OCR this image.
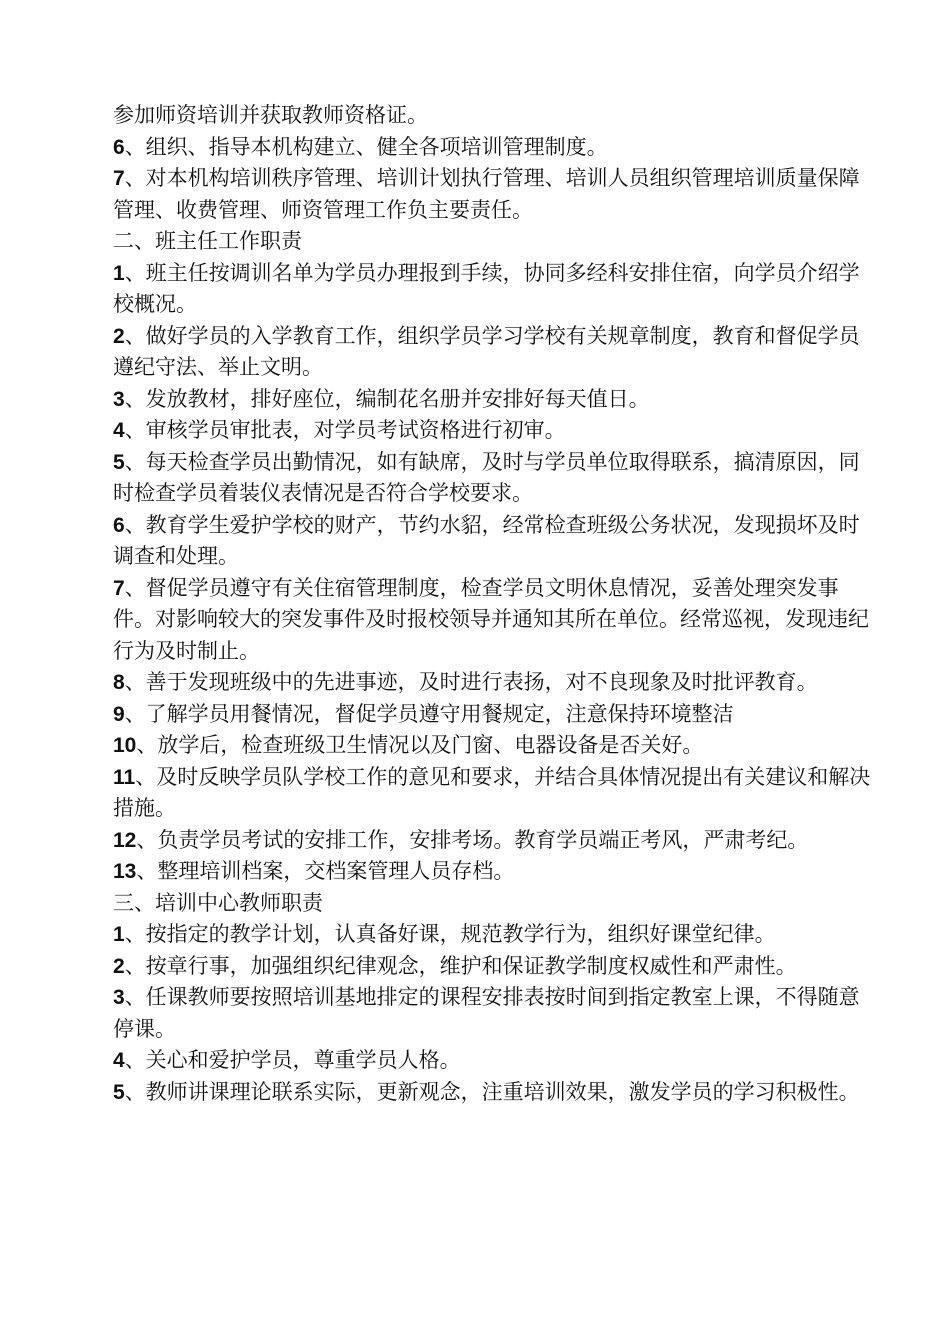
参加师资培训并获取教师资格证。

6、组织、指导本机构建立、健全各项培训管理制度。

7、对本机构培训秩序管理、培训计划执行管理、培训人员组织管理培训质量保障管理、收费管理、师资管理工作负主要责任。

二、班主任工作职责

1、班主任按调训名单为学员办理报到手续，协同多经科安排住宿，向学员介绍学校概况。

2、做好学员的入学教育工作，组织学员学习学校有关规章制度，教育和督促学员遵纪守法、举止文明。

3、发放教材，排好座位，编制花名册并安排好每天值日。

4、审核学员审批表，对学员考试资格进行初审。

5、每天检查学员出勤情况，如有缺席，及时与学员单位取得联系，搞清原因，同时检查学员着装仪表情况是否符合学校要求。

6、教育学生爱护学校的财产，节约水貂，经常检查班级公务状况，发现损坏及时调查和处理。

7、督促学员遵守有关住宿管理制度，检查学员文明休息情况，妥善处理突发事件。对影响较大的突发事件及时报校领导并通知其所在单位。经常巡视，发现违纪行为及时制止。

8、善于发现班级中的先进事迹，及时进行表扬，对不良现象及时批评教育。

9、了解学员用餐情况，督促学员遵守用餐规定，注意保持环境整洁

10、放学后，检查班级卫生情况以及门窗、电器设备是否关好。

11、及时反映学员队学校工作的意见和要求，并结合具体情况提出有关建议和解决措施。

12、负责学员考试的安排工作，安排考场。教育学员端正考风，严肃考纪。

13、整理培训档案，交档案管理人员存档。

三、培训中心教师职责

1、按指定的教学计划，认真备好课，规范教学行为，组织好课堂纪律。

2、按章行事，加强组织纪律观念，维护和保证教学制度权威性和严肃性。

3、任课教师要按照培训基地排定的课程安排表按时间到指定教室上课，不得随意停课。

4、关心和爱护学员，尊重学员人格。

5、教师讲课理论联系实际，更新观念，注重培训效果，激发学员的学习积极性。
